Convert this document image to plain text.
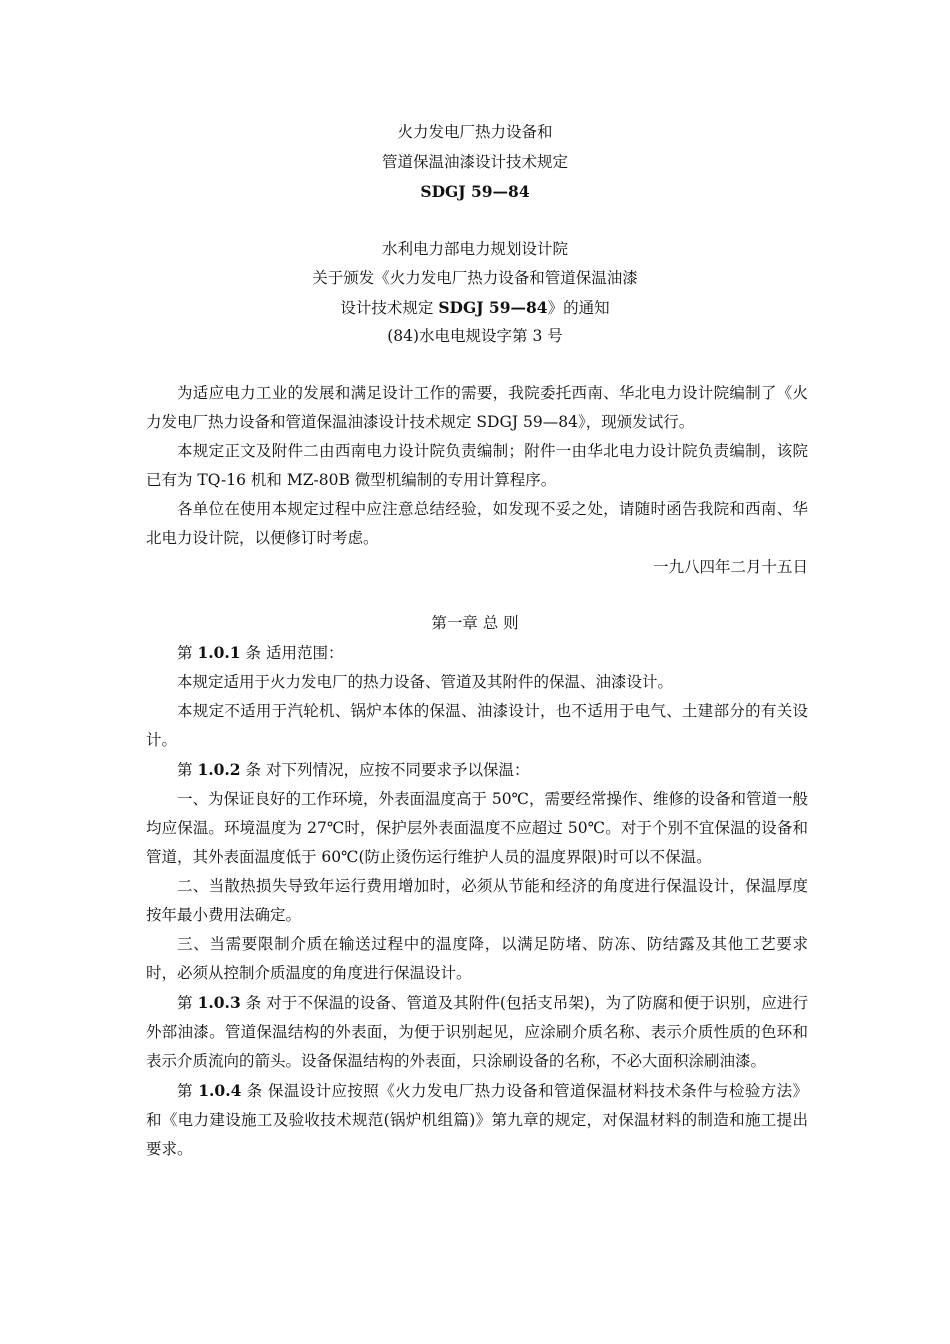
火力发电厂热力设备和
管道保温油漆设计技术规定
SDGJ 59—84
水利电力部电力规划设计院
关于颁发《火力发电厂热力设备和管道保温油漆
设计技术规定 SDGJ 59—84》的通知
(84)水电电规设字第 3 号

为适应电力工业的发展和满足设计工作的需要，我院委托西南、华北电力设计院编制了《火力发电厂热力设备和管道保温油漆设计技术规定 SDGJ 59—84》，现颁发试行。

本规定正文及附件二由西南电力设计院负责编制；附件一由华北电力设计院负责编制，该院已有为 TQ-16 机和 MZ-80B 微型机编制的专用计算程序。

各单位在使用本规定过程中应注意总结经验，如发现不妥之处，请随时函告我院和西南、华北电力设计院，以便修订时考虑。

一九八四年二月十五日

第一章 总 则

第 1.0.1 条 适用范围：

本规定适用于火力发电厂的热力设备、管道及其附件的保温、油漆设计。

本规定不适用于汽轮机、锅炉本体的保温、油漆设计，也不适用于电气、土建部分的有关设计。

第 1.0.2 条 对下列情况，应按不同要求予以保温：

一、为保证良好的工作环境，外表面温度高于 50℃，需要经常操作、维修的设备和管道一般均应保温。环境温度为 27℃时，保护层外表面温度不应超过 50℃。对于个别不宜保温的设备和管道，其外表面温度低于 60℃(防止烫伤运行维护人员的温度界限)时可以不保温。

二、当散热损失导致年运行费用增加时，必须从节能和经济的角度进行保温设计，保温厚度按年最小费用法确定。

三、当需要限制介质在输送过程中的温度降，以满足防堵、防冻、防结露及其他工艺要求时，必须从控制介质温度的角度进行保温设计。

第 1.0.3 条 对于不保温的设备、管道及其附件(包括支吊架)，为了防腐和便于识别，应进行外部油漆。管道保温结构的外表面，为便于识别起见，应涂刷介质名称、表示介质性质的色环和表示介质流向的箭头。设备保温结构的外表面，只涂刷设备的名称，不必大面积涂刷油漆。

第 1.0.4 条 保温设计应按照《火力发电厂热力设备和管道保温材料技术条件与检验方法》和《电力建设施工及验收技术规范(锅炉机组篇)》第九章的规定，对保温材料的制造和施工提出要求。
